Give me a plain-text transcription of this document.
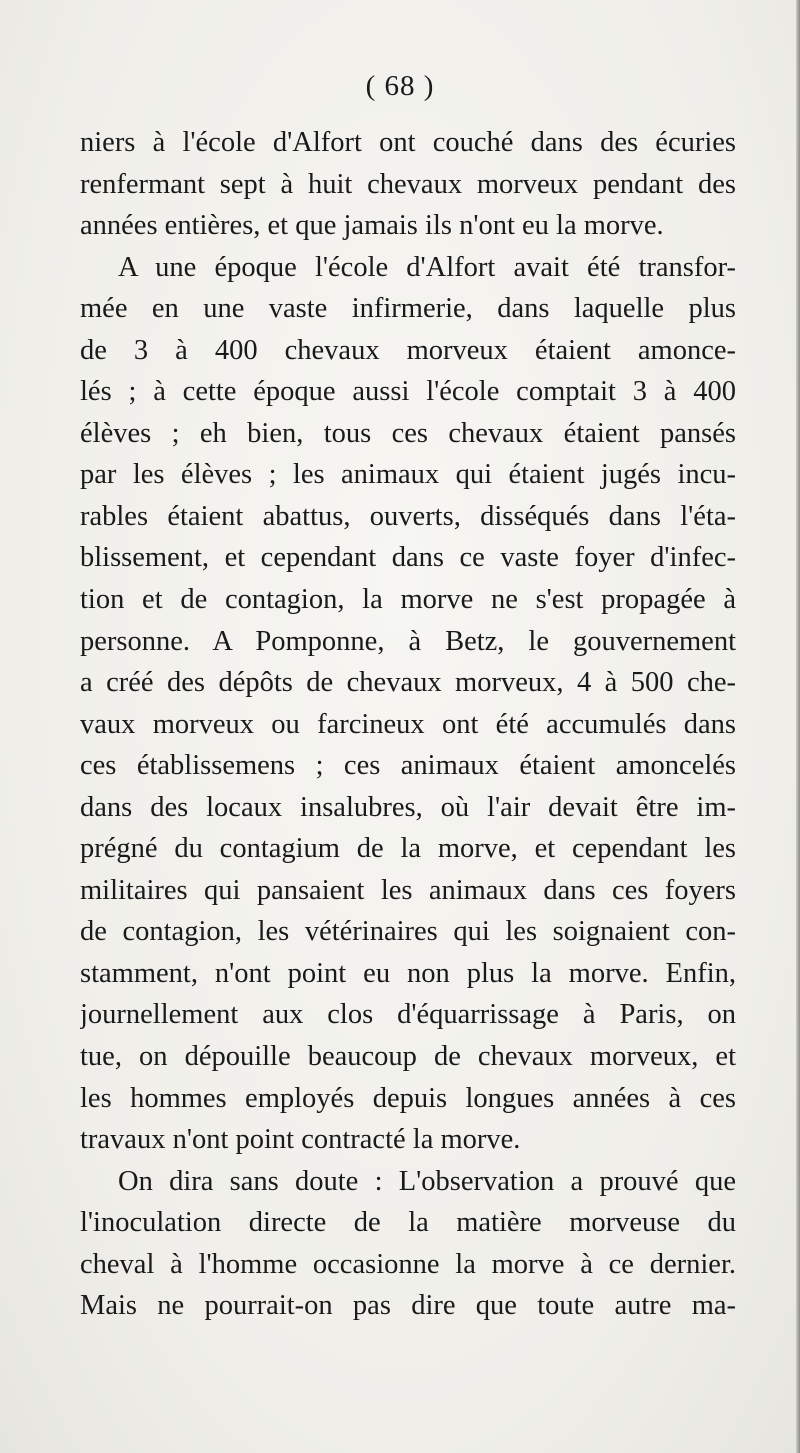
( 68 )
niers à l'école d'Alfort ont couché dans des écuries
renfermant sept à huit chevaux morveux pendant des
années entières, et que jamais ils n'ont eu la morve.
A une époque l'école d'Alfort avait été transfor-
mée en une vaste infirmerie, dans laquelle plus
de 3 à 400 chevaux morveux étaient amonce-
lés ; à cette époque aussi l'école comptait 3 à 400
élèves ; eh bien, tous ces chevaux étaient pansés
par les élèves ; les animaux qui étaient jugés incu-
rables étaient abattus, ouverts, disséqués dans l'éta-
blissement, et cependant dans ce vaste foyer d'infec-
tion et de contagion, la morve ne s'est propagée à
personne. A Pomponne, à Betz, le gouvernement
a créé des dépôts de chevaux morveux, 4 à 500 che-
vaux morveux ou farcineux ont été accumulés dans
ces établissemens ; ces animaux étaient amoncelés
dans des locaux insalubres, où l'air devait être im-
prégné du contagium de la morve, et cependant les
militaires qui pansaient les animaux dans ces foyers
de contagion, les vétérinaires qui les soignaient con-
stamment, n'ont point eu non plus la morve. Enfin,
journellement aux clos d'équarrissage à Paris, on
tue, on dépouille beaucoup de chevaux morveux, et
les hommes employés depuis longues années à ces
travaux n'ont point contracté la morve.
On dira sans doute : L'observation a prouvé que
l'inoculation directe de la matière morveuse du
cheval à l'homme occasionne la morve à ce dernier.
Mais ne pourrait-on pas dire que toute autre ma-
